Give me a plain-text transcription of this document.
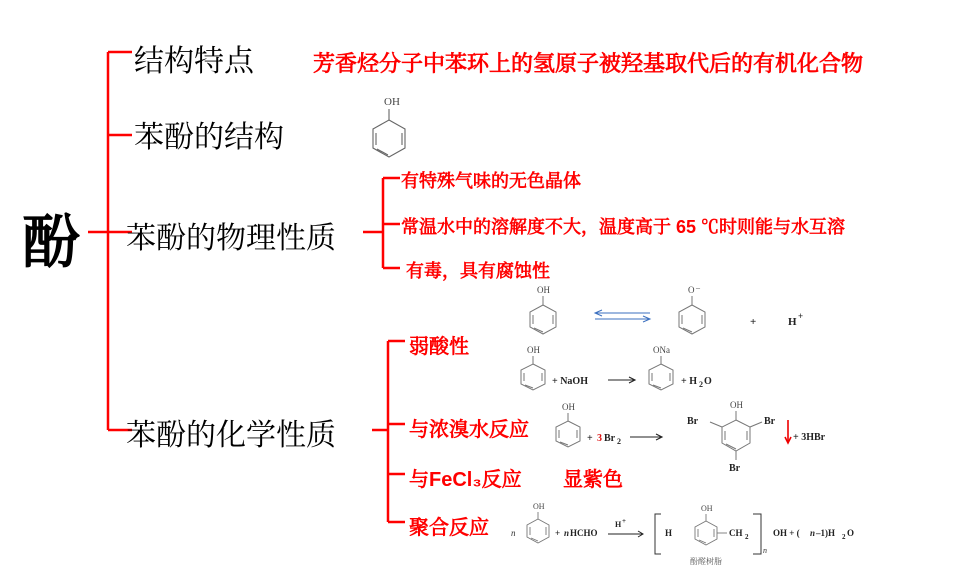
酚
结构特点
苯酚的结构
苯酚的物理性质
苯酚的化学性质
芳香烃分子中苯环上的氢原子被羟基取代后的有机化合物
OH
有特殊气味的无色晶体
常温水中的溶解度不大，温度高于 65 ℃时则能与水互溶
有毒，具有腐蚀性
弱酸性
与浓溴水反应
与FeCl₃反应 显紫色
聚合反应
OH	O –
+	H +
OH
+ NaOH
ONa
+ H 2 O
OH
+ 3 Br 2
OH
Br	Br
Br
+ 3HBr
n
OH
+ n HCHO
H +
H
OH
CH 2
n
OH + ( n –1)H 2 O
酚醛树脂
